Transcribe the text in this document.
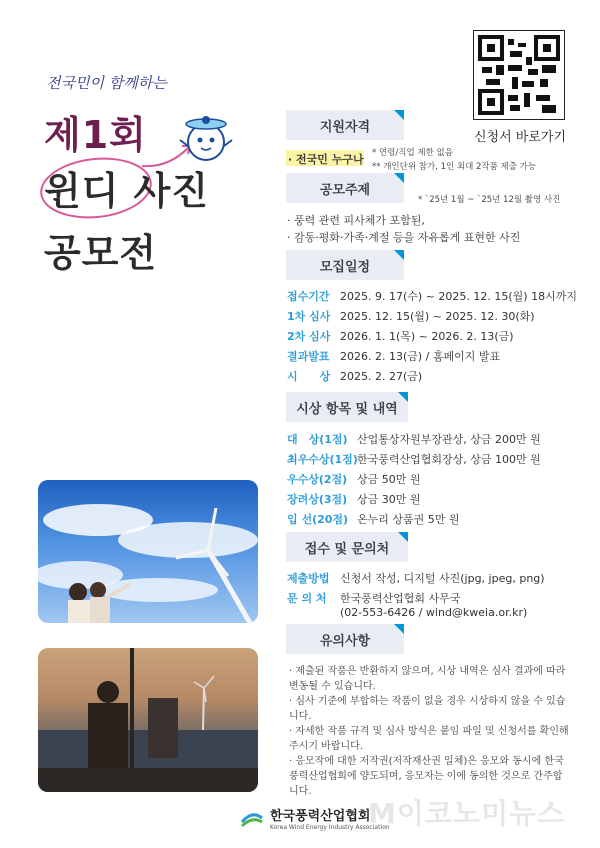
전국민이 함께하는
제1회
윈디 사진
공모전
신청서 바로가기
지원자격
· 전국민 누구나 * 연령/직업 제한 없음
** 개인단위 참가, 1인 최대 2작품 제출 가능
공모주제
* `25년 1월 ~ `25년 12월 촬영 사진
· 풍력 관련 피사체가 포함된,
· 감동·평화·가족·계절 등을 자유롭게 표현한 사진
모집일정
접수기간 2025. 9. 17(수) ~ 2025. 12. 15(월) 18시까지
1차 심사 2025. 12. 15(월) ~ 2025. 12. 30(화)
2차 심사 2026. 1. 1(목) ~ 2026. 2. 13(금)
결과발표 2026. 2. 13(금) / 홈페이지 발표
시　　상 2025. 2. 27(금)
시상 항목 및 내역
대　상(1점) 산업통상자원부장관상, 상금 200만 원
최우수상(1점) 한국풍력산업협회장상, 상금 100만 원
우수상(2점) 상금 50만 원
장려상(3점) 상금 30만 원
입 선(20점) 온누리 상품권 5만 원
접수 및 문의처
제출방법 신청서 작성, 디지털 사진(jpg, jpeg, png)
문 의 처 한국풍력산업협회 사무국
(02-553-6426 / wind@kweia.or.kr)
유의사항
· 제출된 작품은 반환하지 않으며, 시상 내역은 심사 결과에 따라 변동될 수 있습니다.
· 심사 기준에 부합하는 작품이 없을 경우 시상하지 않을 수 있습니다.
· 자세한 작품 규격 및 심사 방식은 붙임 파일 및 신청서를 확인해 주시기 바랍니다.
· 응모작에 대한 저작권(저작재산권 일체)은 응모와 동시에 한국풍력산업협회에 양도되며, 응모자는 이에 동의한 것으로 간주합니다.
한국풍력산업협회
Korea Wind Energy Industry Association
M이코노미뉴스
